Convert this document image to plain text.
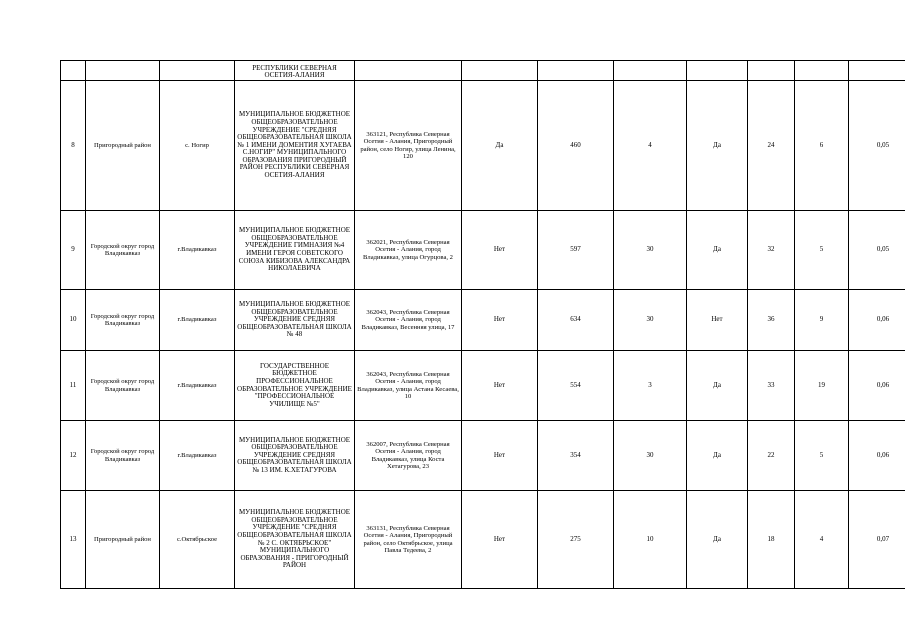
			РЕСПУБЛИКИ СЕВЕРНАЯ ОСЕТИЯ-АЛАНИЯ								
8	Пригородный район	с. Ногир	МУНИЦИПАЛЬНОЕ БЮДЖЕТНОЕ ОБЩЕОБРАЗОВАТЕЛЬНОЕ УЧРЕЖДЕНИЕ "СРЕДНЯЯ ОБЩЕОБРАЗОВАТЕЛЬНАЯ ШКОЛА № 1 ИМЕНИ ДОМЕНТИЯ ХУГАЕВА С.НОГИР" МУНИЦИПАЛЬНОГО ОБРАЗОВАНИЯ ПРИГОРОДНЫЙ РАЙОН РЕСПУБЛИКИ СЕВЕРНАЯ ОСЕТИЯ-АЛАНИЯ	363121, Республика Северная Осетия - Алания, Пригородный район, село Ногир, улица Ленина, 120	Да	460	4	Да	24	6	0,05
9	Городской округ город Владикавказ	г.Владикавказ	МУНИЦИПАЛЬНОЕ БЮДЖЕТНОЕ ОБЩЕОБРАЗОВАТЕЛЬНОЕ УЧРЕЖДЕНИЕ ГИМНАЗИЯ №4 ИМЕНИ ГЕРОЯ СОВЕТСКОГО СОЮЗА КИБИЗОВА АЛЕКСАНДРА НИКОЛАЕВИЧА	362021, Республика Северная Осетия - Алания, город Владикавказ, улица Огурцова, 2	Нет	597	30	Да	32	5	0,05
10	Городской округ город Владикавказ	г.Владикавказ	МУНИЦИПАЛЬНОЕ БЮДЖЕТНОЕ ОБЩЕОБРАЗОВАТЕЛЬНОЕ УЧРЕЖДЕНИЕ СРЕДНЯЯ ОБЩЕОБРАЗОВАТЕЛЬНАЯ ШКОЛА № 48	362043, Республика Северная Осетия - Алания, город Владикавказ, Весенняя улица, 17	Нет	634	30	Нет	36	9	0,06
11	Городской округ город Владикавказ	г.Владикавказ	ГОСУДАРСТВЕННОЕ БЮДЖЕТНОЕ ПРОФЕССИОНАЛЬНОЕ ОБРАЗОВАТЕЛЬНОЕ УЧРЕЖДЕНИЕ "ПРОФЕССИОНАЛЬНОЕ УЧИЛИЩЕ №5"	362043, Республика Северная Осетия - Алания, город Владикавказ, улица Астана Кесаева, 10	Нет	554	3	Да	33	19	0,06
12	Городской округ город Владикавказ	г.Владикавказ	МУНИЦИПАЛЬНОЕ БЮДЖЕТНОЕ ОБЩЕОБРАЗОВАТЕЛЬНОЕ УЧРЕЖДЕНИЕ СРЕДНЯЯ ОБЩЕОБРАЗОВАТЕЛЬНАЯ ШКОЛА № 13 ИМ. К.ХЕТАГУРОВА	362007, Республика Северная Осетия - Алания, город Владикавказ, улица Коста Хетагурова, 23	Нет	354	30	Да	22	5	0,06
13	Пригородный район	с.Октябрьское	МУНИЦИПАЛЬНОЕ БЮДЖЕТНОЕ ОБЩЕОБРАЗОВАТЕЛЬНОЕ УЧРЕЖДЕНИЕ "СРЕДНЯЯ ОБЩЕОБРАЗОВАТЕЛЬНАЯ ШКОЛА № 2 С. ОКТЯБРЬСКОЕ" МУНИЦИПАЛЬНОГО ОБРАЗОВАНИЯ - ПРИГОРОДНЫЙ РАЙОН	363131, Республика Северная Осетия - Алания, Пригородный район, село Октябрьское, улица Павла Тедеева, 2	Нет	275	10	Да	18	4	0,07
